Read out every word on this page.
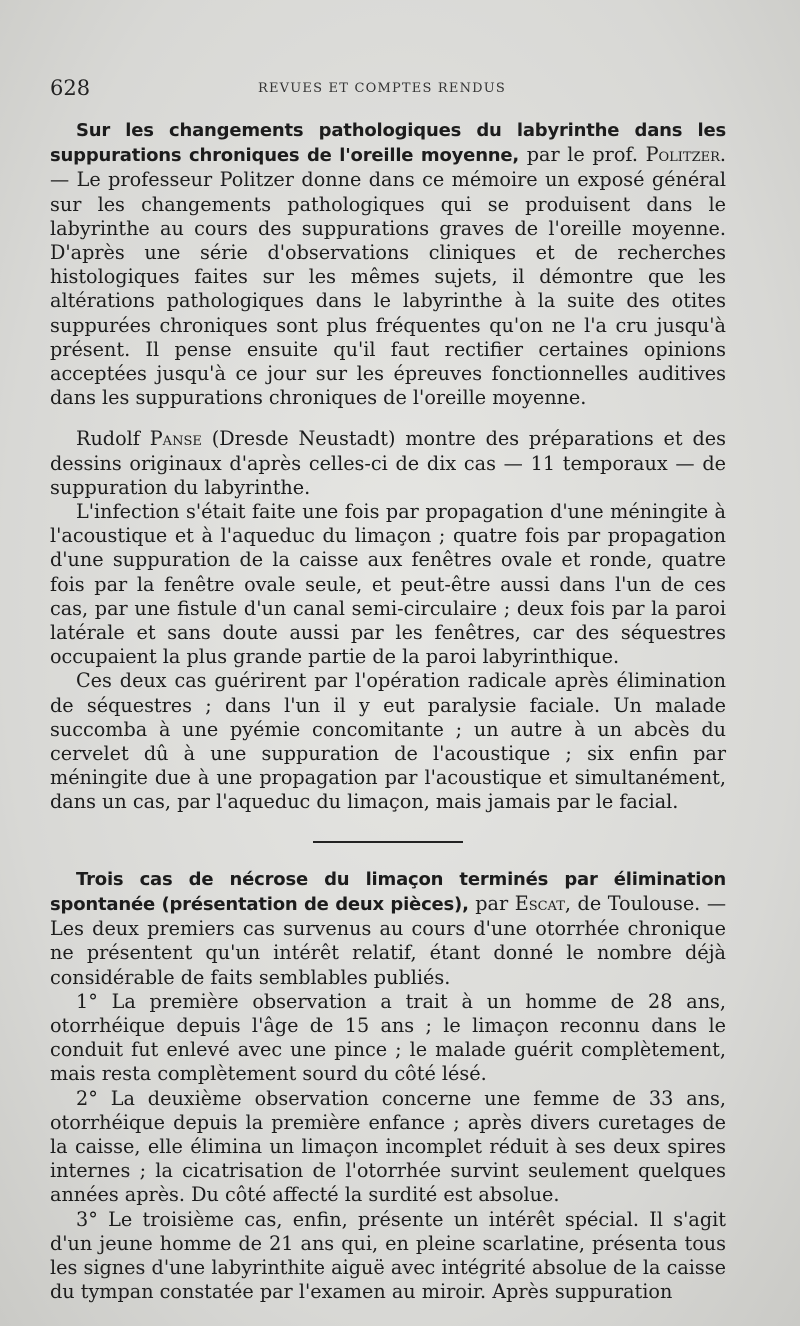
628	REVUES ET COMPTES RENDUS

Sur les changements pathologiques du labyrinthe dans les suppurations chroniques de l'oreille moyenne, par le prof. Politzer. — Le professeur Politzer donne dans ce mémoire un exposé général sur les changements pathologiques qui se produisent dans le labyrinthe au cours des suppurations graves de l'oreille moyenne. D'après une série d'observations cliniques et de recherches histologiques faites sur les mêmes sujets, il démontre que les altérations pathologiques dans le labyrinthe à la suite des otites suppurées chroniques sont plus fréquentes qu'on ne l'a cru jusqu'à présent. Il pense ensuite qu'il faut rectifier certaines opinions acceptées jusqu'à ce jour sur les épreuves fonctionnelles auditives dans les suppurations chroniques de l'oreille moyenne.

Rudolf Panse (Dresde Neustadt) montre des préparations et des dessins originaux d'après celles-ci de dix cas — 11 temporaux — de suppuration du labyrinthe.

L'infection s'était faite une fois par propagation d'une méningite à l'acoustique et à l'aqueduc du limaçon ; quatre fois par propagation d'une suppuration de la caisse aux fenêtres ovale et ronde, quatre fois par la fenêtre ovale seule, et peut-être aussi dans l'un de ces cas, par une fistule d'un canal semi-circulaire ; deux fois par la paroi latérale et sans doute aussi par les fenêtres, car des séquestres occupaient la plus grande partie de la paroi labyrinthique.

Ces deux cas guérirent par l'opération radicale après élimination de séquestres ; dans l'un il y eut paralysie faciale. Un malade succomba à une pyémie concomitante ; un autre à un abcès du cervelet dû à une suppuration de l'acoustique ; six enfin par méningite due à une propagation par l'acoustique et simultanément, dans un cas, par l'aqueduc du limaçon, mais jamais par le facial.

Trois cas de nécrose du limaçon terminés par élimination spontanée (présentation de deux pièces), par Escat, de Toulouse. — Les deux premiers cas survenus au cours d'une otorrhée chronique ne présentent qu'un intérêt relatif, étant donné le nombre déjà considérable de faits semblables publiés.

1° La première observation a trait à un homme de 28 ans, otorrhéique depuis l'âge de 15 ans ; le limaçon reconnu dans le conduit fut enlevé avec une pince ; le malade guérit complètement, mais resta complètement sourd du côté lésé.

2° La deuxième observation concerne une femme de 33 ans, otorrhéique depuis la première enfance ; après divers curetages de la caisse, elle élimina un limaçon incomplet réduit à ses deux spires internes ; la cicatrisation de l'otorrhée survint seulement quelques années après. Du côté affecté la surdité est absolue.

3° Le troisième cas, enfin, présente un intérêt spécial. Il s'agit d'un jeune homme de 21 ans qui, en pleine scarlatine, présenta tous les signes d'une labyrinthite aiguë avec intégrité absolue de la caisse du tympan constatée par l'examen au miroir. Après suppuration
